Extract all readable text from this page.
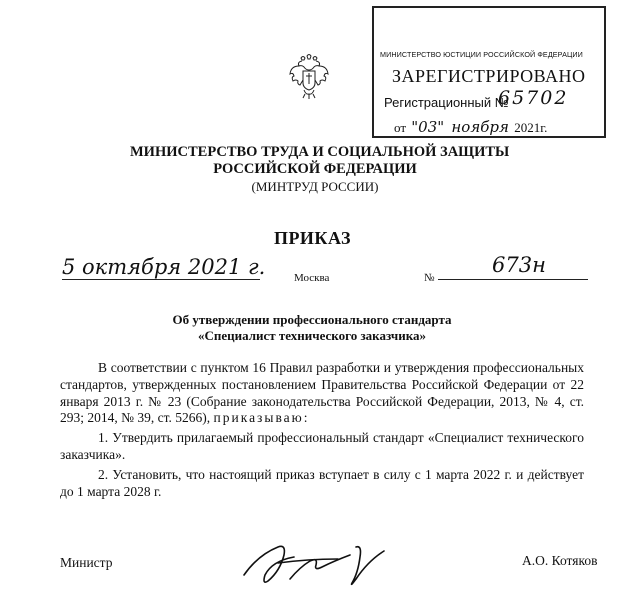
МИНИСТЕРСТВО ЮСТИЦИИ РОССИЙСКОЙ ФЕДЕРАЦИИ
ЗАРЕГИСТРИРОВАНО
Регистрационный №
65702
от "03" ноября 2021г.
МИНИСТЕРСТВО ТРУДА И СОЦИАЛЬНОЙ ЗАЩИТЫ
РОССИЙСКОЙ ФЕДЕРАЦИИ
(МИНТРУД РОССИИ)
ПРИКАЗ
5 октября 2021 г.	Москва	№
673н
Об утверждении профессионального стандарта
«Специалист технического заказчика»

В соответствии с пунктом 16 Правил разработки и утверждения профессиональных стандартов, утвержденных постановлением Правительства Российской Федерации от 22 января 2013 г. № 23 (Собрание законодательства Российской Федерации, 2013, № 4, ст. 293; 2014, № 39, ст. 5266), приказываю:

1. Утвердить прилагаемый профессиональный стандарт «Специалист технического заказчика».

2. Установить, что настоящий приказ вступает в силу с 1 марта 2022 г. и действует до 1 марта 2028 г.

Министр	А.О. Котяков
